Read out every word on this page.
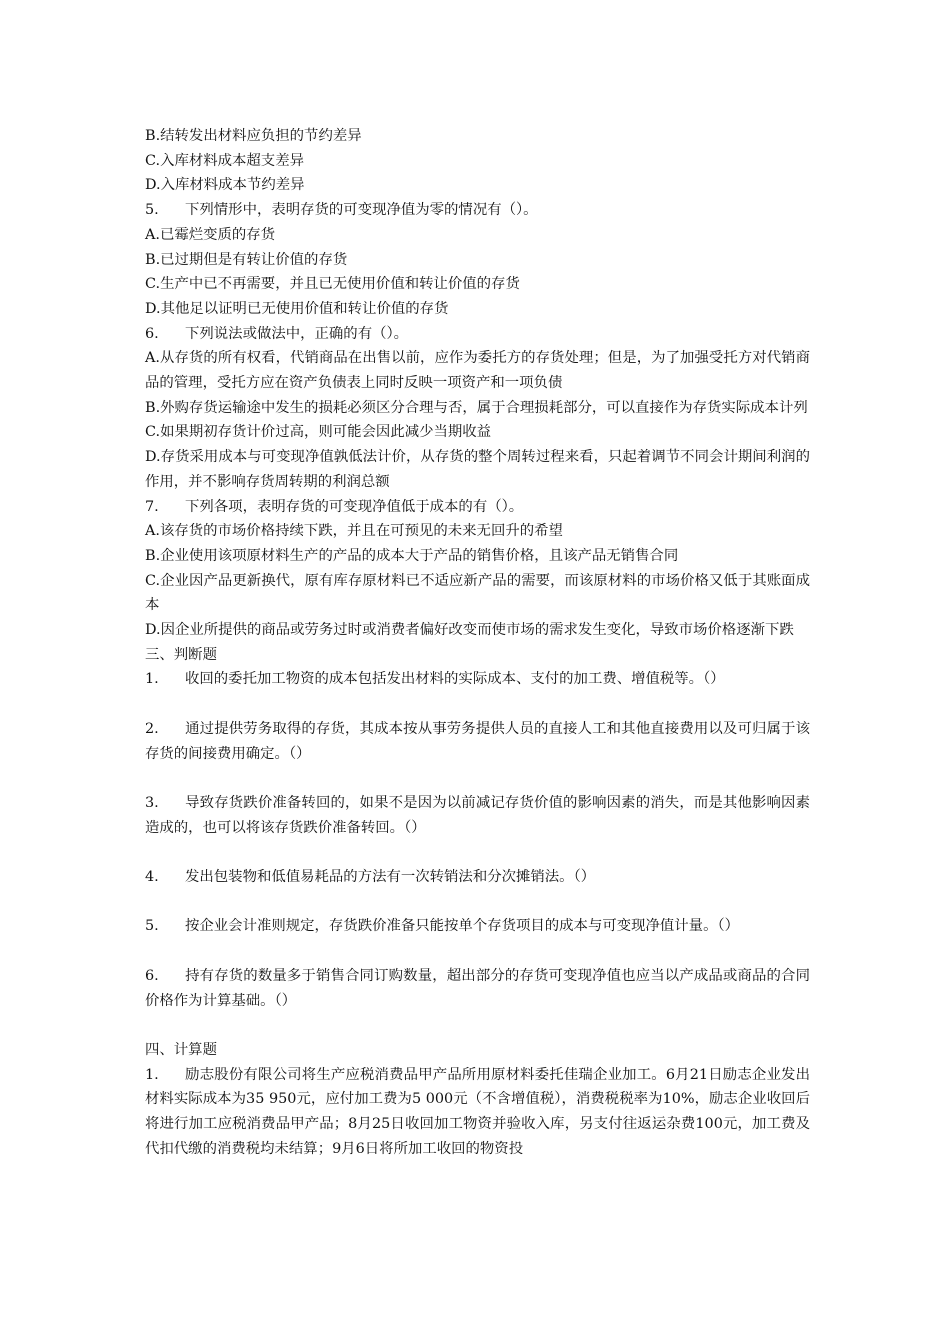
B.结转发出材料应负担的节约差异
C.入库材料成本超支差异
D.入库材料成本节约差异
5. 下列情形中，表明存货的可变现净值为零的情况有（）。
A.已霉烂变质的存货
B.已过期但是有转让价值的存货
C.生产中已不再需要，并且已无使用价值和转让价值的存货
D.其他足以证明已无使用价值和转让价值的存货
6. 下列说法或做法中，正确的有（）。
A.从存货的所有权看，代销商品在出售以前，应作为委托方的存货处理；但是，为了加强受托方对代销商品的管理，受托方应在资产负债表上同时反映一项资产和一项负债
B.外购存货运输途中发生的损耗必须区分合理与否，属于合理损耗部分，可以直接作为存货实际成本计列
C.如果期初存货计价过高，则可能会因此减少当期收益
D.存货采用成本与可变现净值孰低法计价，从存货的整个周转过程来看，只起着调节不同会计期间利润的作用，并不影响存货周转期的利润总额
7. 下列各项，表明存货的可变现净值低于成本的有（）。
A.该存货的市场价格持续下跌，并且在可预见的未来无回升的希望
B.企业使用该项原材料生产的产品的成本大于产品的销售价格，且该产品无销售合同
C.企业因产品更新换代，原有库存原材料已不适应新产品的需要，而该原材料的市场价格又低于其账面成本
D.因企业所提供的商品或劳务过时或消费者偏好改变而使市场的需求发生变化，导致市场价格逐渐下跌
三、判断题
1. 收回的委托加工物资的成本包括发出材料的实际成本、支付的加工费、增值税等。（）
2. 通过提供劳务取得的存货，其成本按从事劳务提供人员的直接人工和其他直接费用以及可归属于该存货的间接费用确定。（）
3. 导致存货跌价准备转回的，如果不是因为以前减记存货价值的影响因素的消失，而是其他影响因素造成的，也可以将该存货跌价准备转回。（）
4. 发出包装物和低值易耗品的方法有一次转销法和分次摊销法。（）
5. 按企业会计准则规定，存货跌价准备只能按单个存货项目的成本与可变现净值计量。（）
6. 持有存货的数量多于销售合同订购数量，超出部分的存货可变现净值也应当以产成品或商品的合同价格作为计算基础。（）
四、计算题
1. 励志股份有限公司将生产应税消费品甲产品所用原材料委托佳瑞企业加工。6月21日励志企业发出材料实际成本为35 950元，应付加工费为5 000元（不含增值税），消费税税率为10%，励志企业收回后将进行加工应税消费品甲产品；8月25日收回加工物资并验收入库，另支付往返运杂费100元，加工费及代扣代缴的消费税均未结算；9月6日将所加工收回的物资投
